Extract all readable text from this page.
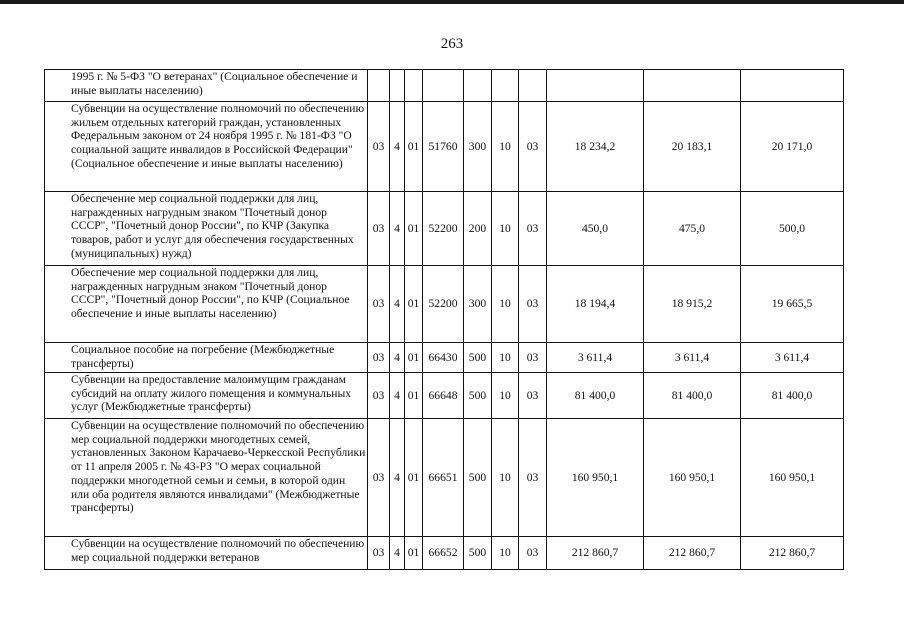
263
1995 г. № 5-ФЗ "О ветеранах" (Социальное обеспечение и иные выплаты населению)										
Субвенции на осуществление полномочий по обеспечению жильем отдельных категорий граждан, установленных Федеральным законом от 24 ноября 1995 г. № 181-ФЗ "О социальной защите инвалидов в Российской Федерации" (Социальное обеспечение и иные выплаты населению)	03	4	01	51760	300	10	03	18 234,2	20 183,1	20 171,0
Обеспечение мер социальной поддержки для лиц, награжденных нагрудным знаком "Почетный донор СССР", "Почетный донор России", по КЧР (Закупка товаров, работ и услуг для обеспечения государственных (муниципальных) нужд)	03	4	01	52200	200	10	03	450,0	475,0	500,0
Обеспечение мер социальной поддержки для лиц, награжденных нагрудным знаком "Почетный донор СССР", "Почетный донор России", по КЧР (Социальное обеспечение и иные выплаты населению)	03	4	01	52200	300	10	03	18 194,4	18 915,2	19 665,5
Социальное пособие на погребение (Межбюджетные трансферты)	03	4	01	66430	500	10	03	3 611,4	3 611,4	3 611,4
Субвенции на предоставление малоимущим гражданам субсидий на оплату жилого помещения и коммунальных услуг (Межбюджетные трансферты)	03	4	01	66648	500	10	03	81 400,0	81 400,0	81 400,0
Субвенции на осуществление полномочий по обеспечению мер социальной поддержки многодетных семей, установленных Законом Карачаево-Черкесской Республики от 11 апреля 2005 г. № 43-РЗ "О мерах социальной поддержки многодетной семьи и семьи, в которой один или оба родителя являются инвалидами" (Межбюджетные трансферты)	03	4	01	66651	500	10	03	160 950,1	160 950,1	160 950,1
Субвенции на осуществление полномочий по обеспечению мер социальной поддержки ветеранов	03	4	01	66652	500	10	03	212 860,7	212 860,7	212 860,7
